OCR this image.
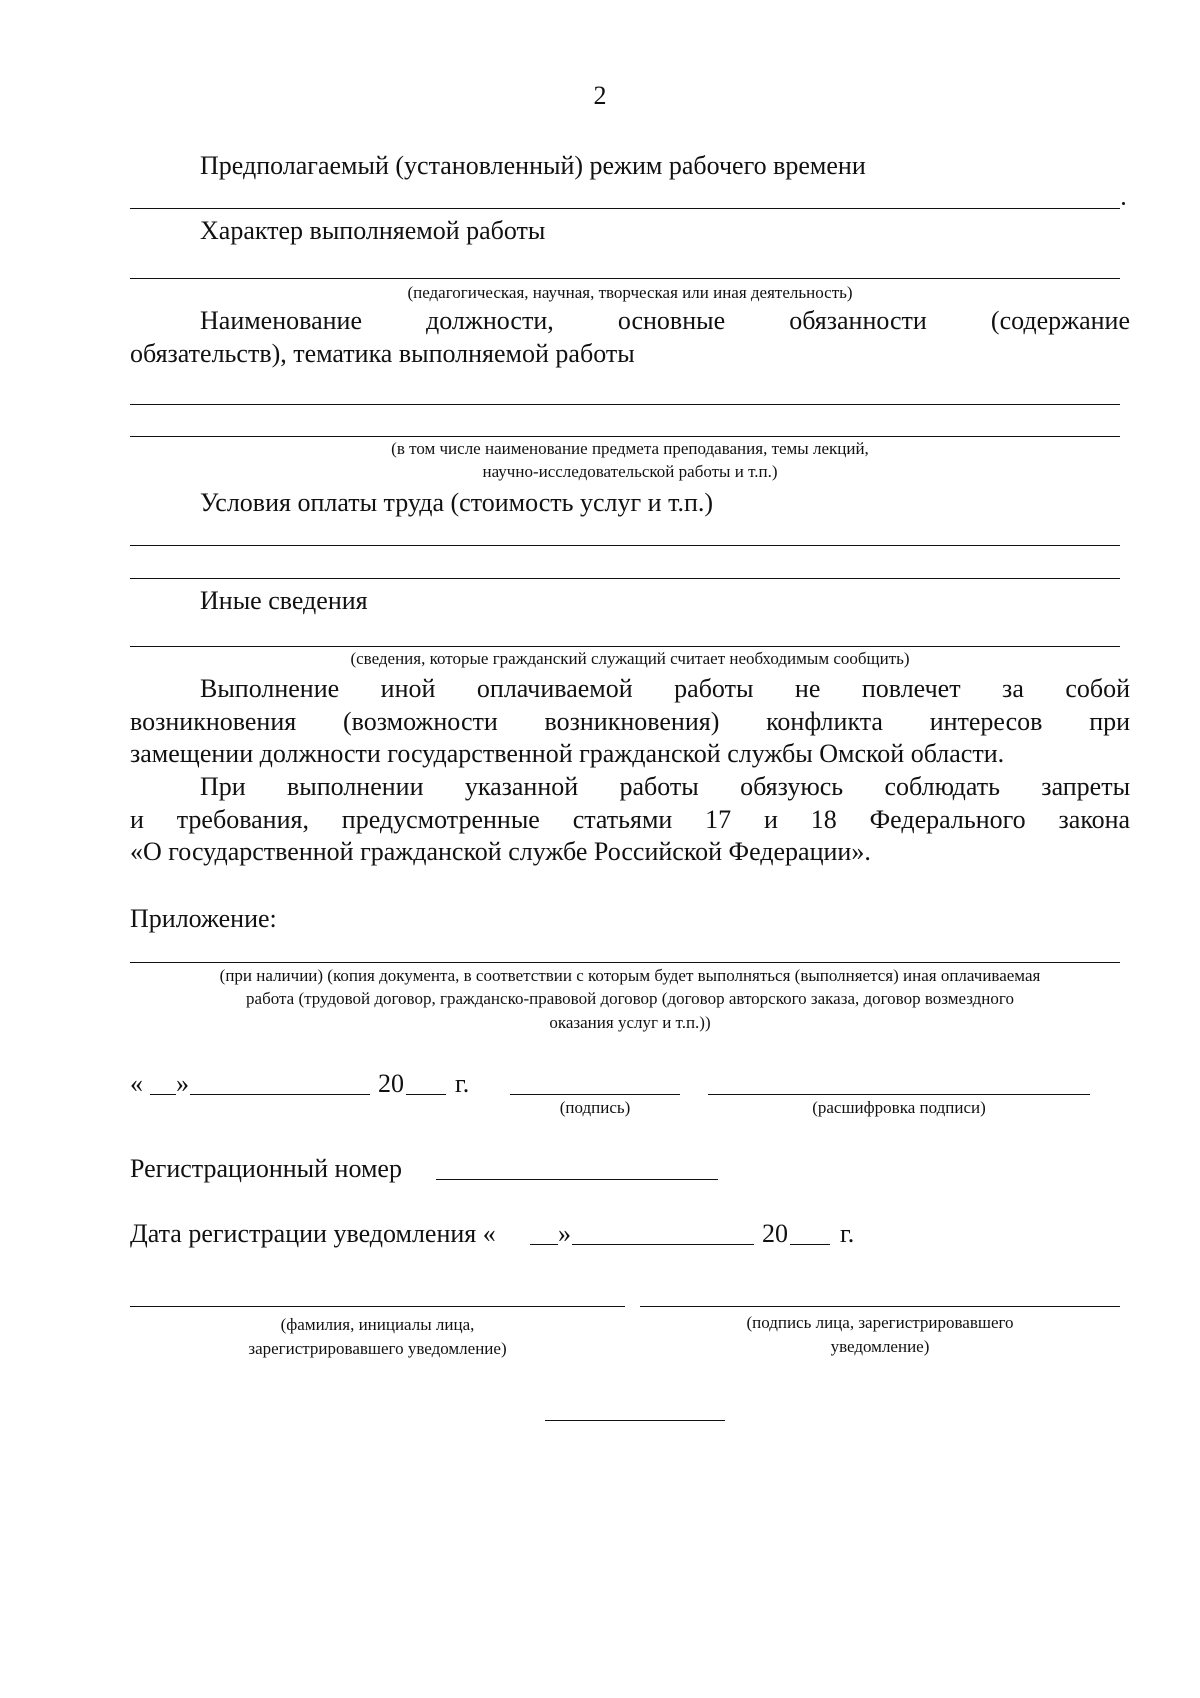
2
Предполагаемый (установленный) режим рабочего времени
Характер выполняемой работы
(педагогическая, научная, творческая или иная деятельность)
Наименование должности, основные обязанности (содержание
обязательств), тематика выполняемой работы
(в том числе наименование предмета преподавания, темы лекций,
научно-исследовательской работы и т.п.)
Условия оплаты труда (стоимость услуг и т.п.)
Иные сведения
(сведения, которые гражданский служащий считает необходимым сообщить)
Выполнение иной оплачиваемой работы не повлечет за собой
возникновения (возможности возникновения) конфликта интересов при
замещении должности государственной гражданской службы Омской области.
При выполнении указанной работы обязуюсь соблюдать запреты
и требования, предусмотренные статьями 17 и 18 Федерального закона
«О государственной гражданской службе Российской Федерации».
Приложение:
(при наличии) (копия документа, в соответствии с которым будет выполняться (выполняется) иная оплачиваемая
работа (трудовой договор, гражданско-правовой договор (договор авторского заказа, договор возмездного
оказания услуг и т.п.))
« »	20 г.
(подпись)	(расшифровка подписи)
Регистрационный номер
Дата регистрации уведомления « »	20 г.
(фамилия, инициалы лица,
зарегистрировавшего уведомление)
(подпись лица, зарегистрировавшего
уведомление)
